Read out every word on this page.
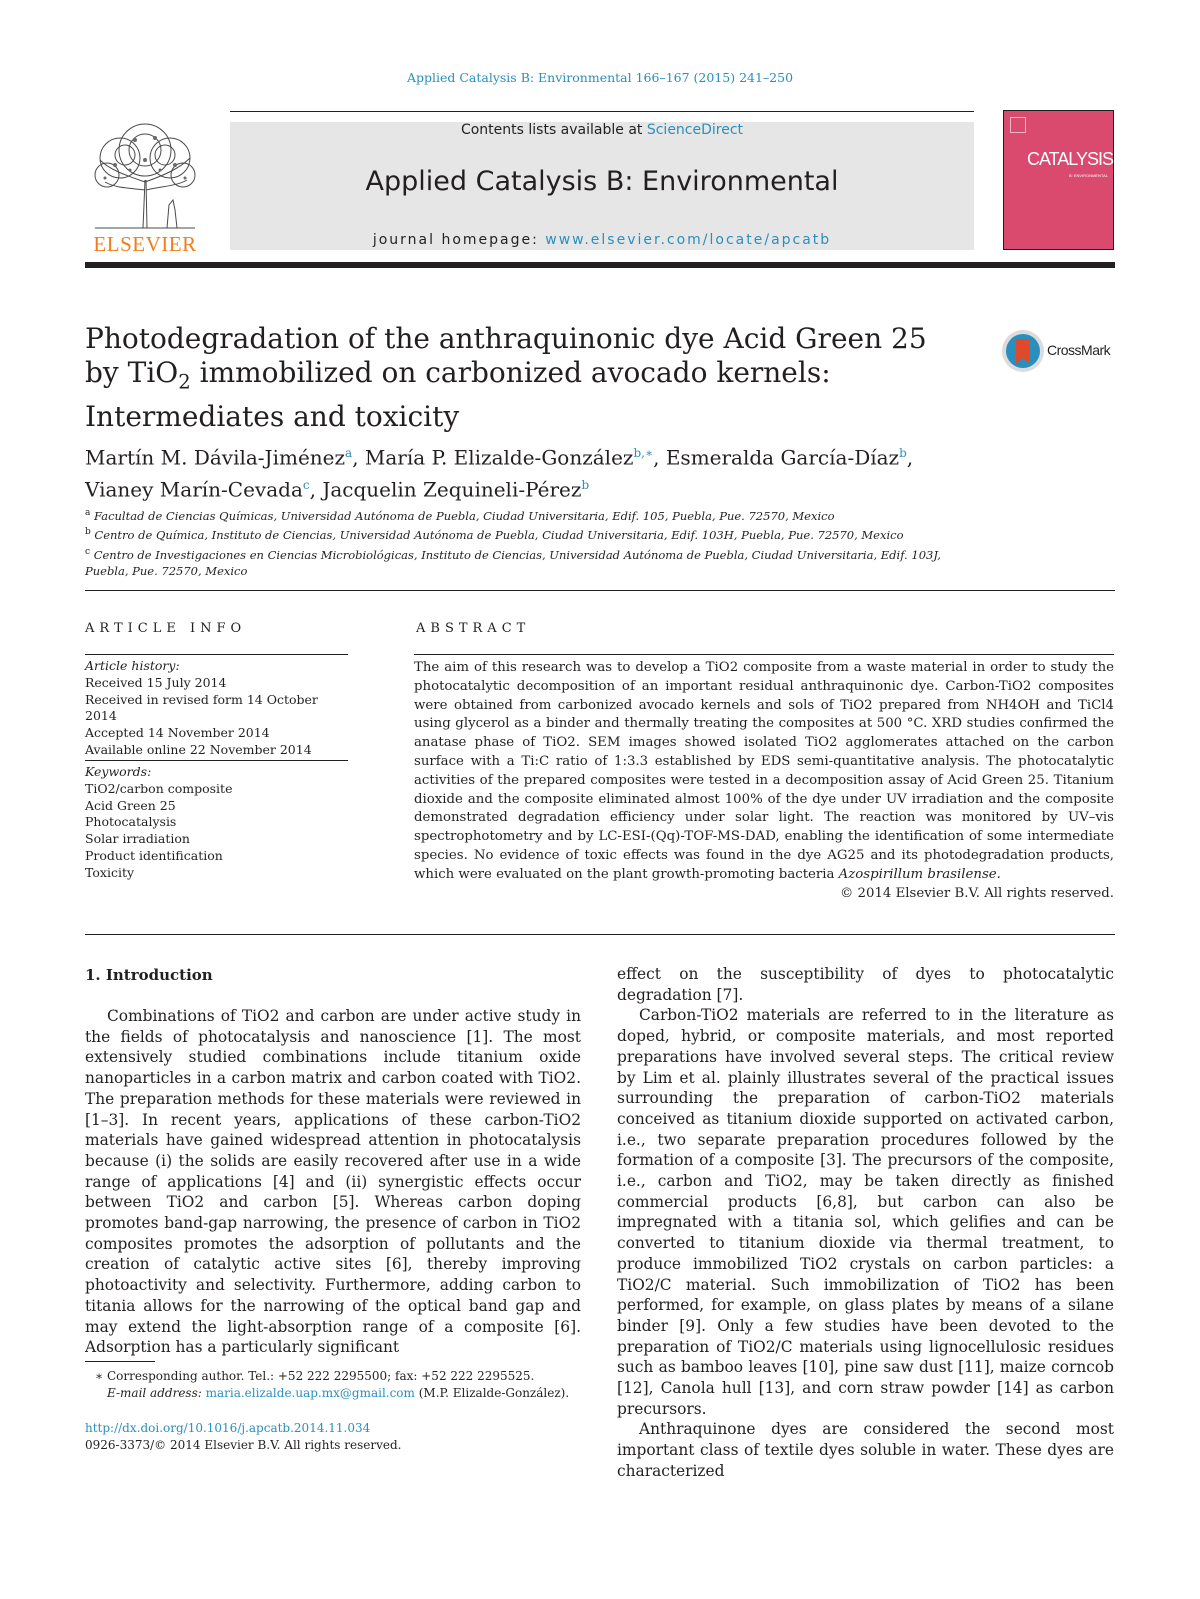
Applied Catalysis B: Environmental 166–167 (2015) 241–250
ELSEVIER
Contents lists available at ScienceDirect
Applied Catalysis B: Environmental
journal homepage: www.elsevier.com/locate/apcatb
CATALYSIS
B: ENVIRONMENTAL
Photodegradation of the anthraquinonic dye Acid Green 25 by TiO$_2$ immobilized on carbonized avocado kernels: Intermediates and toxicity
CrossMark
Martín M. Dávila-Jiménez$^a$, María P. Elizalde-González$^{b,∗}$, Esmeralda García-Díaz$^b$,
Vianey Marín-Cevada$^c$, Jacquelin Zequineli-Pérez$^b$
$^a$ Facultad de Ciencias Químicas, Universidad Autónoma de Puebla, Ciudad Universitaria, Edif. 105, Puebla, Pue. 72570, Mexico
$^b$ Centro de Química, Instituto de Ciencias, Universidad Autónoma de Puebla, Ciudad Universitaria, Edif. 103H, Puebla, Pue. 72570, Mexico
$^c$ Centro de Investigaciones en Ciencias Microbiológicas, Instituto de Ciencias, Universidad Autónoma de Puebla, Ciudad Universitaria, Edif. 103J, Puebla, Pue. 72570, Mexico
ARTICLE INFO
Article history:
Received 15 July 2014
Received in revised form 14 October 2014
Accepted 14 November 2014
Available online 22 November 2014
Keywords:
TiO2/carbon composite
Acid Green 25
Photocatalysis
Solar irradiation
Product identification
Toxicity
ABSTRACT
The aim of this research was to develop a TiO2 composite from a waste material in order to study the photocatalytic decomposition of an important residual anthraquinonic dye. Carbon-TiO2 composites were obtained from carbonized avocado kernels and sols of TiO2 prepared from NH4OH and TiCl4 using glycerol as a binder and thermally treating the composites at 500 °C. XRD studies confirmed the anatase phase of TiO2. SEM images showed isolated TiO2 agglomerates attached on the carbon surface with a Ti:C ratio of 1:3.3 established by EDS semi-quantitative analysis. The photocatalytic activities of the prepared composites were tested in a decomposition assay of Acid Green 25. Titanium dioxide and the composite eliminated almost 100% of the dye under UV irradiation and the composite demonstrated degradation efficiency under solar light. The reaction was monitored by UV–vis spectrophotometry and by LC-ESI-(Qq)-TOF-MS-DAD, enabling the identification of some intermediate species. No evidence of toxic effects was found in the dye AG25 and its photodegradation products, which were evaluated on the plant growth-promoting bacteria Azospirillum brasilense.
© 2014 Elsevier B.V. All rights reserved.
1. Introduction

Combinations of TiO2 and carbon are under active study in the fields of photocatalysis and nanoscience [1]. The most extensively studied combinations include titanium oxide nanoparticles in a carbon matrix and carbon coated with TiO2. The preparation methods for these materials were reviewed in [1–3]. In recent years, applications of these carbon-TiO2 materials have gained widespread attention in photocatalysis because (i) the solids are easily recovered after use in a wide range of applications [4] and (ii) synergistic effects occur between TiO2 and carbon [5]. Whereas carbon doping promotes band-gap narrowing, the presence of carbon in TiO2 composites promotes the adsorption of pollutants and the creation of catalytic active sites [6], thereby improving photoactivity and selectivity. Furthermore, adding carbon to titania allows for the narrowing of the optical band gap and may extend the light-absorption range of a composite [6]. Adsorption has a particularly significant

effect on the susceptibility of dyes to photocatalytic degradation [7].

Carbon-TiO2 materials are referred to in the literature as doped, hybrid, or composite materials, and most reported preparations have involved several steps. The critical review by Lim et al. plainly illustrates several of the practical issues surrounding the preparation of carbon-TiO2 materials conceived as titanium dioxide supported on activated carbon, i.e., two separate preparation procedures followed by the formation of a composite [3]. The precursors of the composite, i.e., carbon and TiO2, may be taken directly as finished commercial products [6,8], but carbon can also be impregnated with a titania sol, which gelifies and can be converted to titanium dioxide via thermal treatment, to produce immobilized TiO2 crystals on carbon particles: a TiO2/C material. Such immobilization of TiO2 has been performed, for example, on glass plates by means of a silane binder [9]. Only a few studies have been devoted to the preparation of TiO2/C materials using lignocellulosic residues such as bamboo leaves [10], pine saw dust [11], maize corncob [12], Canola hull [13], and corn straw powder [14] as carbon precursors.

Anthraquinone dyes are considered the second most important class of textile dyes soluble in water. These dyes are characterized

∗ Corresponding author. Tel.: +52 222 2295500; fax: +52 222 2295525.
E-mail address: maria.elizalde.uap.mx@gmail.com (M.P. Elizalde-González).
http://dx.doi.org/10.1016/j.apcatb.2014.11.034
0926-3373/© 2014 Elsevier B.V. All rights reserved.
